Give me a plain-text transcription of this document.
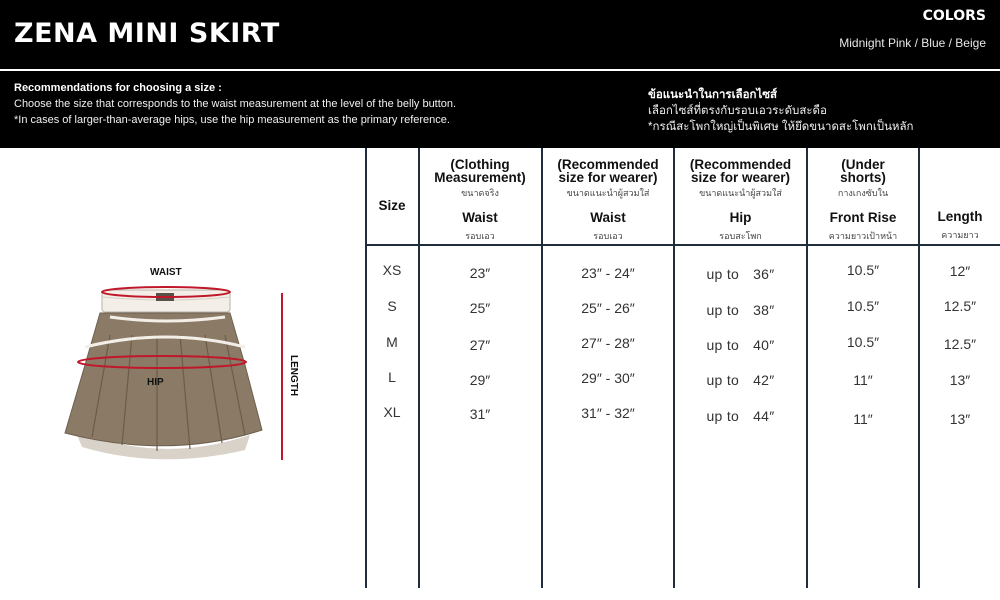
ZENA MINI SKIRT
COLORS
Midnight Pink / Blue / Beige
Recommendations for choosing a size :
Choose the size that corresponds to the waist measurement at the level of the belly button.
*In cases of larger-than-average hips, use the hip measurement as the primary reference.
ข้อแนะนำในการเลือกไซส์
เลือกไซส์ที่ตรงกับรอบเอวระดับสะดือ
*กรณีสะโพกใหญ่เป็นพิเศษ ให้ยึดขนาดสะโพกเป็นหลัก
WAIST
HIP	LENGTH
Size
(Clothing
Measurement)
ขนาดจริง
Waist
รอบเอว
(Recommended
size for wearer)
ขนาดแนะนำผู้สวมใส่
Waist
รอบเอว
(Recommended
size for wearer)
ขนาดแนะนำผู้สวมใส่
Hip
รอบสะโพก
(Under
shorts)
กางเกงซับใน
Front Rise
ความยาวเป้าหน้า
Length
ความยาว
XS	23″	23″ - 24″	up to 36″	10.5″	12″
S	25″	25″ - 26″	up to 38″	10.5″	12.5″
M	27″	27″ - 28″	up to 40″	10.5″	12.5″
L	29″	29″ - 30″	up to 42″	11″	13″
XL	31″	31″ - 32″	up to 44″	11″	13″
